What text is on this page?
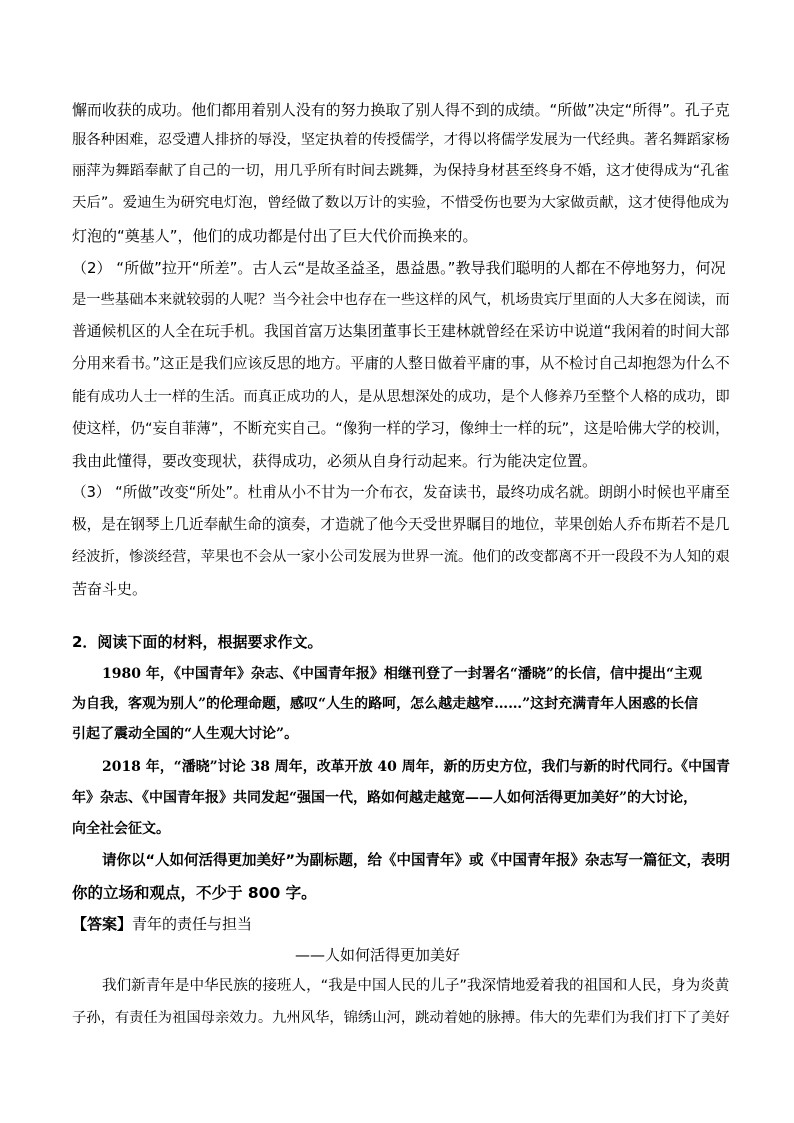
懈而收获的成功。他们都用着别人没有的努力换取了别人得不到的成绩。“所做”决定“所得”。孔子克
服各种困难，忍受遭人排挤的辱没，坚定执着的传授儒学，才得以将儒学发展为一代经典。著名舞蹈家杨
丽萍为舞蹈奉献了自己的一切，用几乎所有时间去跳舞，为保持身材甚至终身不婚，这才使得成为“孔雀
天后”。爱迪生为研究电灯泡，曾经做了数以万计的实验，不惜受伤也要为大家做贡献，这才使得他成为
灯泡的“奠基人”，他们的成功都是付出了巨大代价而换来的。
（2） “所做”拉开“所差”。古人云“是故圣益圣，愚益愚。”教导我们聪明的人都在不停地努力，何况
是一些基础本来就较弱的人呢？当今社会中也存在一些这样的风气，机场贵宾厅里面的人大多在阅读，而
普通候机区的人全在玩手机。我国首富万达集团董事长王建林就曾经在采访中说道“我闲着的时间大部
分用来看书。”这正是我们应该反思的地方。平庸的人整日做着平庸的事，从不检讨自己却抱怨为什么不
能有成功人士一样的生活。而真正成功的人，是从思想深处的成功，是个人修养乃至整个人格的成功，即
使这样，仍“妄自菲薄”，不断充实自己。“像狗一样的学习，像绅士一样的玩”，这是哈佛大学的校训，
我由此懂得，要改变现状，获得成功，必须从自身行动起来。行为能决定位置。
（3） “所做”改变“所处”。杜甫从小不甘为一介布衣，发奋读书，最终功成名就。朗朗小时候也平庸至
极，是在钢琴上几近奉献生命的演奏，才造就了他今天受世界瞩目的地位，苹果创始人乔布斯若不是几
经波折，惨淡经营，苹果也不会从一家小公司发展为世界一流。他们的改变都离不开一段段不为人知的艰
苦奋斗史。
2．阅读下面的材料，根据要求作文。
1980 年，《中国青年》杂志、《中国青年报》相继刊登了一封署名“潘晓”的长信，信中提出“主观
为自我，客观为别人”的伦理命题，感叹“人生的路呵，怎么越走越窄……”这封充满青年人困惑的长信
引起了震动全国的“人生观大讨论”。
2018 年，“潘晓”讨论 38 周年，改革开放 40 周年，新的历史方位，我们与新的时代同行。《中国青
年》杂志、《中国青年报》共同发起“强国一代，路如何越走越宽——人如何活得更加美好”的大讨论，
向全社会征文。
请你以“人如何活得更加美好”为副标题，给《中国青年》或《中国青年报》杂志写一篇征文，表明
你的立场和观点，不少于 800 字。
【答案】青年的责任与担当
——人如何活得更加美好
我们新青年是中华民族的接班人，“我是中国人民的儿子”我深情地爱着我的祖国和人民，身为炎黄
子孙，有责任为祖国母亲效力。九州风华，锦绣山河，跳动着她的脉搏。伟大的先辈们为我们打下了美好
